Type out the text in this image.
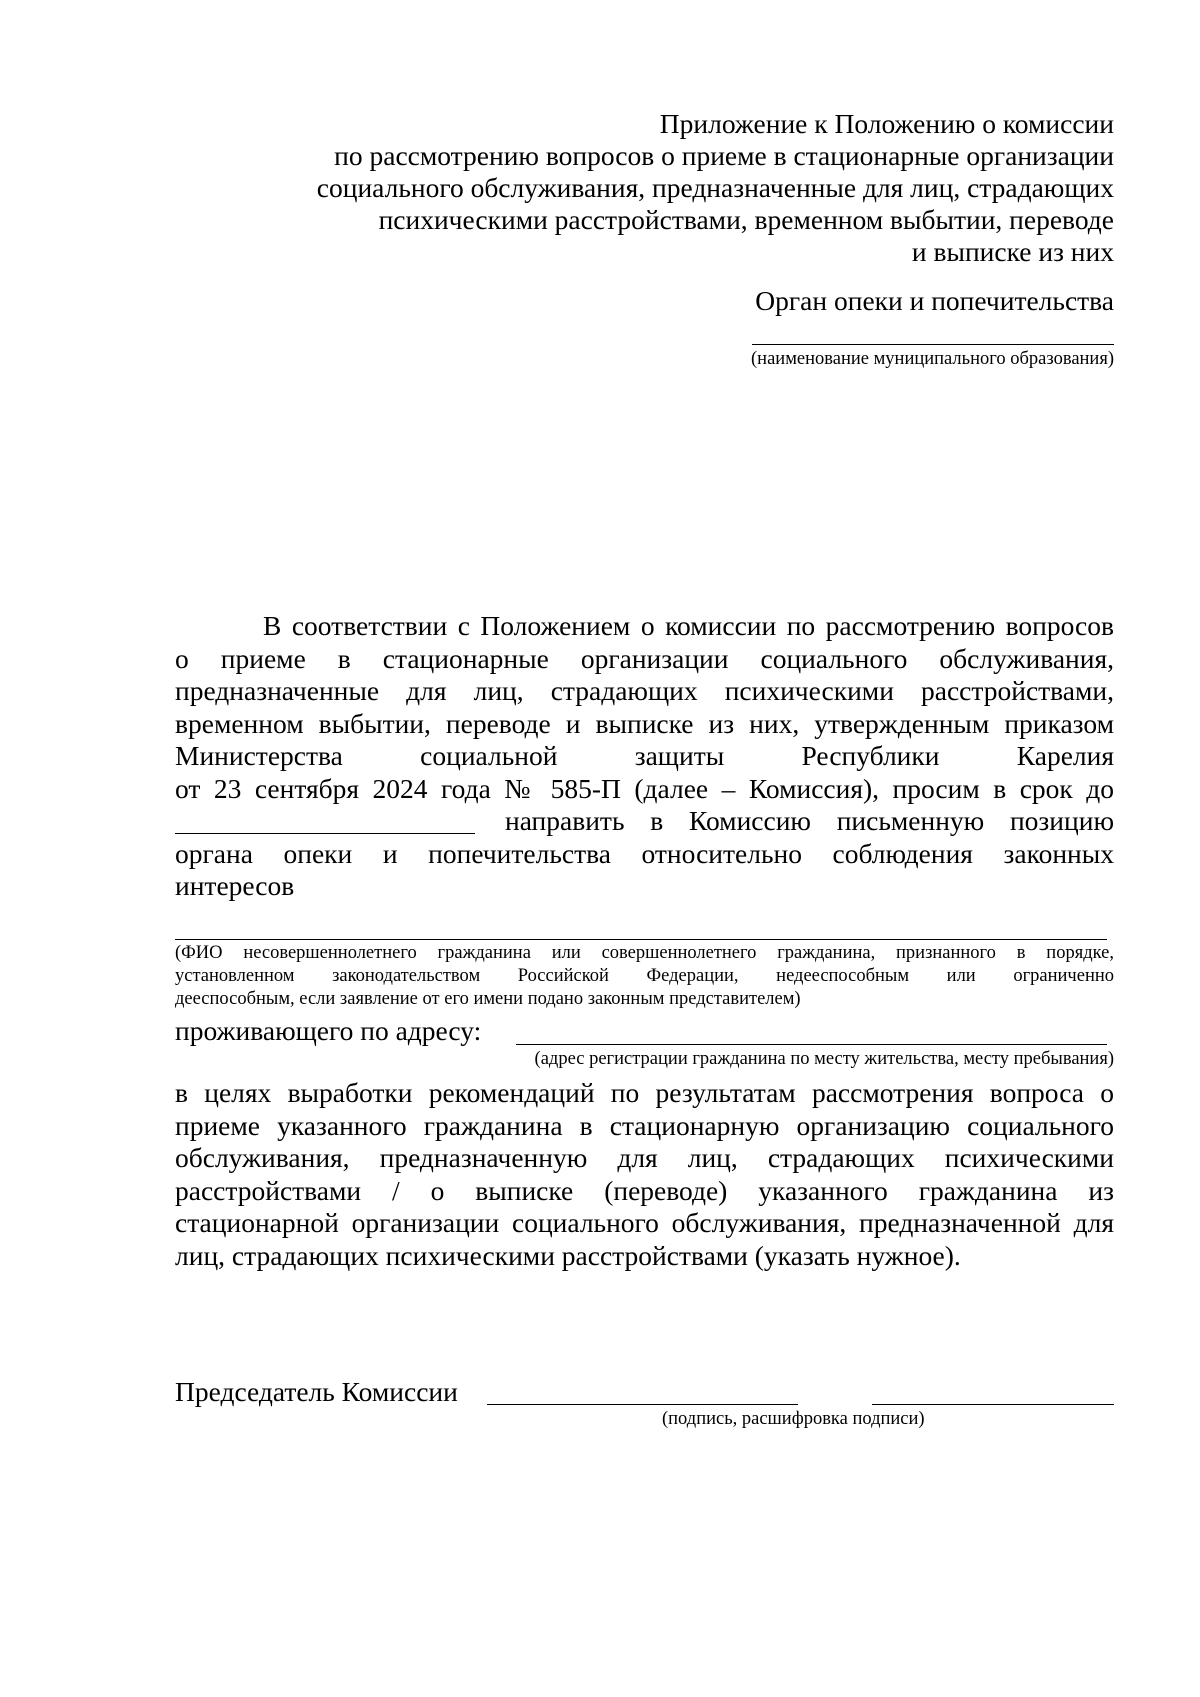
Приложение к Положению о комиссии
по рассмотрению вопросов о приеме в стационарные организации
социального обслуживания, предназначенные для лиц, страдающих
психическими расстройствами, временном выбытии, переводе
и выписке из них
Орган опеки и попечительства
(наименование муниципального образования)
В соответствии с Положением о комиссии по рассмотрению вопросов
о приеме в стационарные организации социального обслуживания,
предназначенные для лиц, страдающих психическими расстройствами,
временном выбытии, переводе и выписке из них, утвержденным приказом
Министерства социальной защиты Республики Карелия
от 23 сентября 2024 года № 585-П (далее – Комиссия), просим в срок до
направить в Комиссию письменную позицию
органа опеки и попечительства относительно соблюдения законных
интересов
(ФИО несовершеннолетнего гражданина или совершеннолетнего гражданина, признанного в порядке,
установленном законодательством Российской Федерации, недееспособным или ограниченно
дееспособным, если заявление от его имени подано законным представителем)
проживающего по адресу:
(адрес регистрации гражданина по месту жительства, месту пребывания)
в целях выработки рекомендаций по результатам рассмотрения вопроса о
приеме указанного гражданина в стационарную организацию социального
обслуживания, предназначенную для лиц, страдающих психическими
расстройствами / о выписке (переводе) указанного гражданина из
стационарной организации социального обслуживания, предназначенной для
лиц, страдающих психическими расстройствами (указать нужное).
Председатель Комиссии
(подпись, расшифровка подписи)
